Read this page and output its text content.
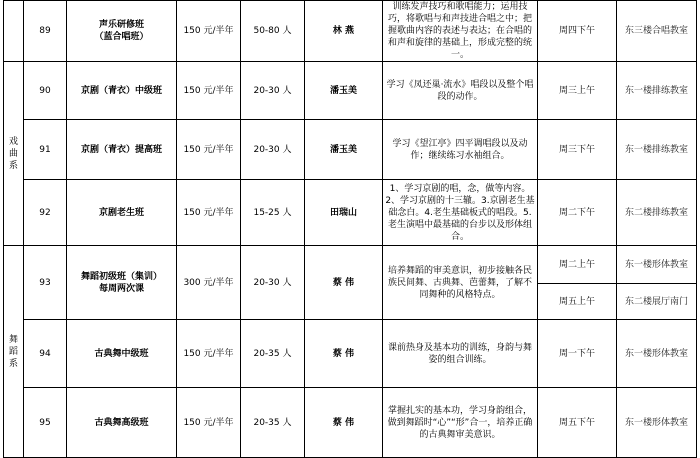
	89	声乐研修班
（蓝合唱班）	150 元/半年	50-80 人	林 燕	训练发声技巧和歌唱能力；运用技巧，将歌唱与和声技进合唱之中；把握歌曲内容的表述与表达；在合唱的和声和旋律的基础上，形成完整的统一。	周四下午	东三楼合唱教室

戏
曲
系	90	京剧（青衣）中级班	150 元/半年	20-30 人	潘玉美	学习《凤还巢·流水》唱段以及整个唱段的动作。	周三上午	东一楼排练教室
	91	京剧（青衣）提高班	150 元/半年	20-30 人	潘玉美	学习《望江亭》四平调唱段以及动作；继续练习水袖组合。	周三下午	东一楼排练教室
	92	京剧老生班	150 元/半年	15-25 人	田瑞山	1、学习京剧的唱，念，做等内容。2、学习京剧的十三辙。3.京剧老生基础念白。4.老生基础板式的唱段。5.老生演唱中最基础的台步以及形体组合。	周二下午	东二楼排练教室

舞
蹈
系	93	舞蹈初级班（集训）
每周两次课	300 元/半年	20-30 人	蔡 伟	培养舞蹈的审美意识，初步接触各民族民间舞、古典舞、芭蕾舞，了解不同舞种的风格特点。	周二上午	东一楼形体教室
							周五上午	东二楼展厅南门
	94	古典舞中级班	150 元/半年	20-35 人	蔡 伟	课前热身及基本功的训练，身韵与舞姿的组合训练。	周一下午	东一楼形体教室
	95	古典舞高级班	150 元/半年	20-35 人	蔡 伟	掌握扎实的基本功，学习身韵组合，做到舞蹈时“心”“形”合一，培养正确的古典舞审美意识。	周五下午	东一楼形体教室
